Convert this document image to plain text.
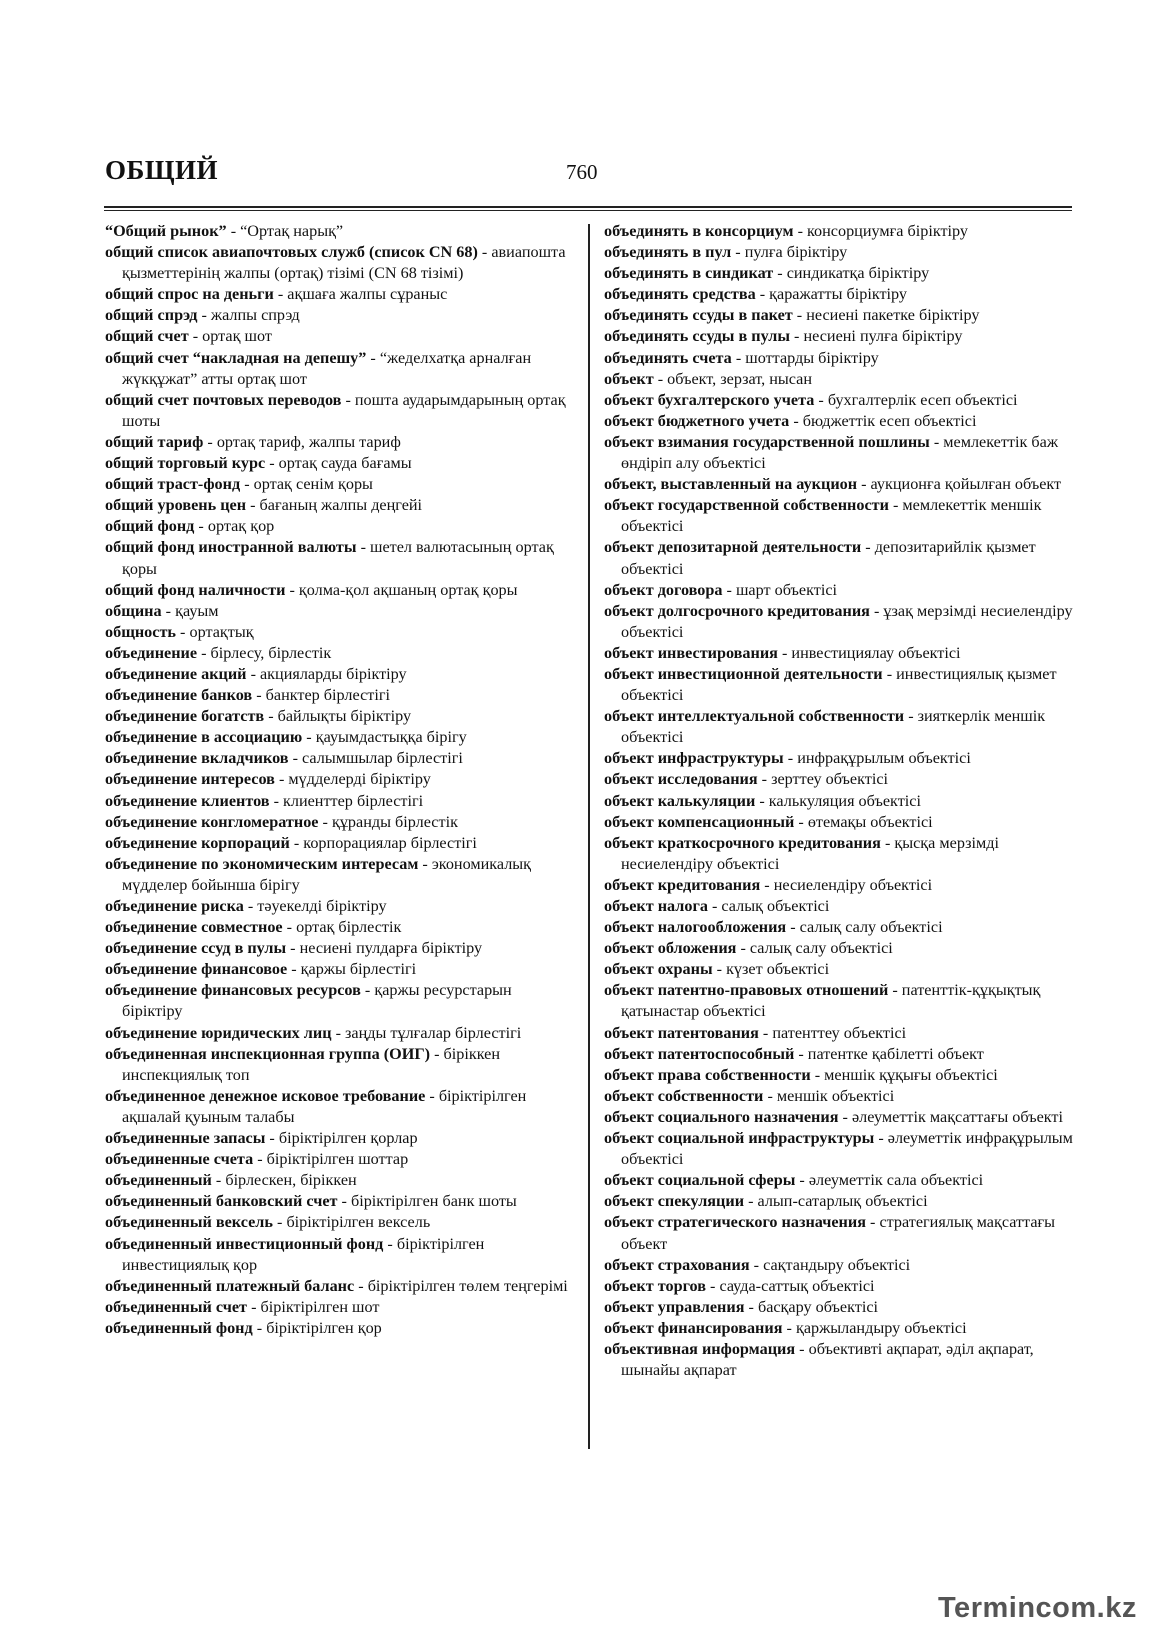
ОБЩИЙ	760

“Общий рынок” - “Ортақ нарық”

общий список авиапочтовых служб (список CN 68) - авиапошта қызметтерінің жалпы (ортақ) тізімі (CN 68 тізімі)

общий спрос на деньги - ақшаға жалпы сұраныс

общий спрэд - жалпы спрэд

общий счет - ортақ шот

общий счет “накладная на депешу” - “жеделхатқа арналған жүкқұжат” атты ортақ шот

общий счет почтовых переводов - пошта аударымдарының ортақ шоты

общий тариф - ортақ тариф, жалпы тариф

общий торговый курс - ортақ сауда бағамы

общий траст-фонд - ортақ сенім қоры

общий уровень цен - бағаның жалпы деңгейі

общий фонд - ортақ қор

общий фонд иностранной валюты - шетел валютасының ортақ қоры

общий фонд наличности - қолма-қол ақшаның ортақ қоры

община - қауым

общность - ортақтық

объединение - бірлесу, бірлестік

объединение акций - акцияларды біріктіру

объединение банков - банктер бірлестігі

объединение богатств - байлықты біріктіру

объединение в ассоциацию - қауымдастыққа бірігу

объединение вкладчиков - салымшылар бірлестігі

объединение интересов - мүдделерді біріктіру

объединение клиентов - клиенттер бірлестігі

объединение конгломератное - құранды бірлестік

объединение корпораций - корпорациялар бірлестігі

объединение по экономическим интересам - экономикалық мүдделер бойынша бірігу

объединение риска - тәуекелді біріктіру

объединение совместное - ортақ бірлестік

объединение ссуд в пулы - несиені пулдарға біріктіру

объединение финансовое - қаржы бірлестігі

объединение финансовых ресурсов - қаржы ресурстарын біріктіру

объединение юридических лиц - заңды тұлғалар бірлестігі

объединенная инспекционная группа (ОИГ) - біріккен инспекциялық топ

объединенное денежное исковое требование - біріктірілген ақшалай қуыным талабы

объединенные запасы - біріктірілген қорлар

объединенные счета - біріктірілген шоттар

объединенный - бірлескен, біріккен

объединенный банковский счет - біріктірілген банк шоты

объединенный вексель - біріктірілген вексель

объединенный инвестиционный фонд - біріктірілген инвестициялық қор

объединенный платежный баланс - біріктірілген төлем теңгерімі

объединенный счет - біріктірілген шот

объединенный фонд - біріктірілген қор

объединять в консорциум - консорциумға біріктіру

объединять в пул - пулға біріктіру

объединять в синдикат - синдикатқа біріктіру

объединять средства - қаражатты біріктіру

объединять ссуды в пакет - несиені пакетке біріктіру

объединять ссуды в пулы - несиені пулға біріктіру

объединять счета - шоттарды біріктіру

объект - объект, зерзат, нысан

объект бухгалтерского учета - бухгалтерлік есеп объектісі

объект бюджетного учета - бюджеттік есеп объектісі

объект взимания государственной пошлины - мемлекеттік баж өндіріп алу объектісі

объект, выставленный на аукцион - аукционға қойылған объект

объект государственной собственности - мемлекеттік меншік объектісі

объект депозитарной деятельности - депозитарийлік қызмет объектісі

объект договора - шарт объектісі

объект долгосрочного кредитования - ұзақ мерзімді несиелендіру объектісі

объект инвестирования - инвестициялау объектісі

объект инвестиционной деятельности - инвестициялық қызмет объектісі

объект интеллектуальной собственности - зияткерлік меншік объектісі

объект инфраструктуры - инфрақұрылым объектісі

объект исследования - зерттеу объектісі

объект калькуляции - калькуляция объектісі

объект компенсационный - өтемақы объектісі

объект краткосрочного кредитования - қысқа мерзімді несиелендіру объектісі

объект кредитования - несиелендіру объектісі

объект налога - салық объектісі

объект налогообложения - салық салу объектісі

объект обложения - салық салу объектісі

объект охраны - күзет объектісі

объект патентно-правовых отношений - патенттік-құқықтық қатынастар объектісі

объект патентования - патенттеу объектісі

объект патентоспособный - патентке қабілетті объект

объект права собственности - меншік құқығы объектісі

объект собственности - меншік объектісі

объект социального назначения - әлеуметтік мақсаттағы объекті

объект социальной инфраструктуры - әлеуметтік инфрақұрылым объектісі

объект социальной сферы - әлеуметтік сала объектісі

объект спекуляции - алып-сатарлық объектісі

объект стратегического назначения - стратегиялық мақсаттағы объект

объект страхования - сақтандыру объектісі

объект торгов - сауда-саттық объектісі

объект управления - басқару объектісі

объект финансирования - қаржыландыру объектісі

объективная информация - объективті ақпарат, әділ ақпарат, шынайы ақпарат

Termincom.kz
